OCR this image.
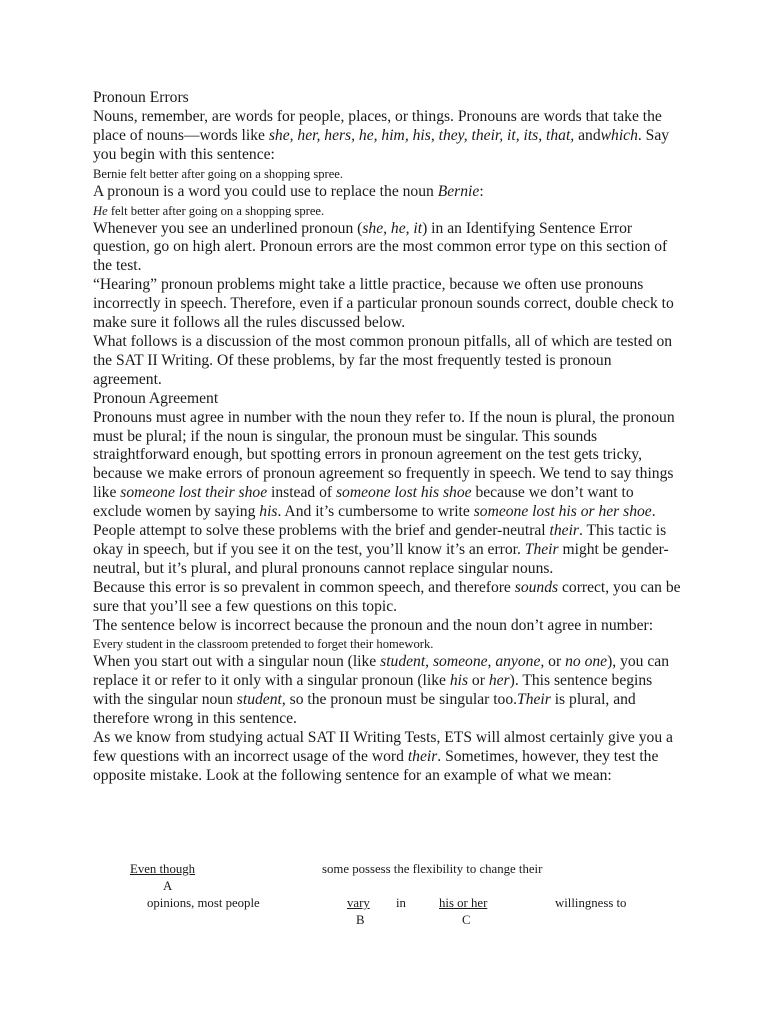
Pronoun Errors

Nouns, remember, are words for people, places, or things. Pronouns are words that take the place of nouns—words like she, her, hers, he, him, his, they, their, it, its, that, andwhich. Say you begin with this sentence:

Bernie felt better after going on a shopping spree.

A pronoun is a word you could use to replace the noun Bernie:

He felt better after going on a shopping spree.

Whenever you see an underlined pronoun (she, he, it) in an Identifying Sentence Error question, go on high alert. Pronoun errors are the most common error type on this section of the test.

“Hearing” pronoun problems might take a little practice, because we often use pronouns incorrectly in speech. Therefore, even if a particular pronoun sounds correct, double check to make sure it follows all the rules discussed below.

What follows is a discussion of the most common pronoun pitfalls, all of which are tested on the SAT II Writing. Of these problems, by far the most frequently tested is pronoun agreement.

Pronoun Agreement

Pronouns must agree in number with the noun they refer to. If the noun is plural, the pronoun must be plural; if the noun is singular, the pronoun must be singular. This sounds straightforward enough, but spotting errors in pronoun agreement on the test gets tricky, because we make errors of pronoun agreement so frequently in speech. We tend to say things like someone lost their shoe instead of someone lost his shoe because we don’t want to exclude women by saying his. And it’s cumbersome to write someone lost his or her shoe. People attempt to solve these problems with the brief and gender-neutral their. This tactic is okay in speech, but if you see it on the test, you’ll know it’s an error. Their might be gender-neutral, but it’s plural, and plural pronouns cannot replace singular nouns.

Because this error is so prevalent in common speech, and therefore sounds correct, you can be sure that you’ll see a few questions on this topic.

The sentence below is incorrect because the pronoun and the noun don’t agree in number:

Every student in the classroom pretended to forget their homework.

When you start out with a singular noun (like student, someone, anyone, or no one), you can replace it or refer to it only with a singular pronoun (like his or her). This sentence begins with the singular noun student, so the pronoun must be singular too.Their is plural, and therefore wrong in this sentence.

As we know from studying actual SAT II Writing Tests, ETS will almost certainly give you a few questions with an incorrect usage of the word their. Sometimes, however, they test the opposite mistake. Look at the following sentence for an example of what we mean:

Even though	some possess the flexibility to change their
A
opinions, most people	vary in	his or her	willingness to
B	C
